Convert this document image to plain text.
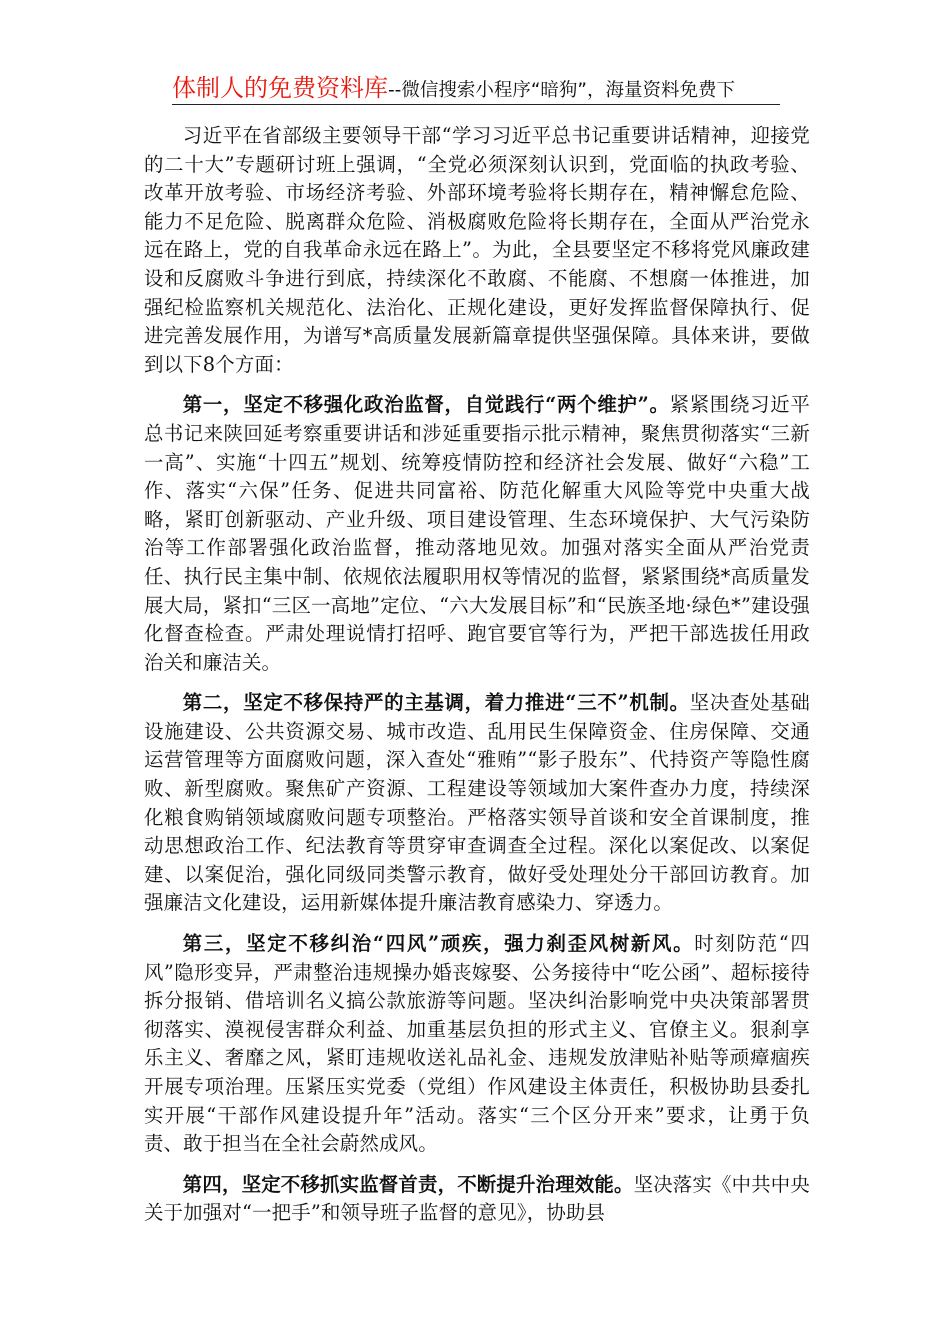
体制人的免费资料库--微信搜索小程序“暗狗”，海量资料免费下

习近平在省部级主要领导干部“学习习近平总书记重要讲话精神，迎接党的二十大”专题研讨班上强调，“全党必须深刻认识到，党面临的执政考验、改革开放考验、市场经济考验、外部环境考验将长期存在，精神懈怠危险、能力不足危险、脱离群众危险、消极腐败危险将长期存在，全面从严治党永远在路上，党的自我革命永远在路上”。为此，全县要坚定不移将党风廉政建设和反腐败斗争进行到底，持续深化不敢腐、不能腐、不想腐一体推进，加强纪检监察机关规范化、法治化、正规化建设，更好发挥监督保障执行、促进完善发展作用，为谱写*高质量发展新篇章提供坚强保障。具体来讲，要做到以下8个方面：

第一，坚定不移强化政治监督，自觉践行“两个维护”。紧紧围绕习近平总书记来陕回延考察重要讲话和涉延重要指示批示精神，聚焦贯彻落实“三新一高”、实施“十四五”规划、统筹疫情防控和经济社会发展、做好“六稳”工作、落实“六保”任务、促进共同富裕、防范化解重大风险等党中央重大战略，紧盯创新驱动、产业升级、项目建设管理、生态环境保护、大气污染防治等工作部署强化政治监督，推动落地见效。加强对落实全面从严治党责任、执行民主集中制、依规依法履职用权等情况的监督，紧紧围绕*高质量发展大局，紧扣“三区一高地”定位、“六大发展目标”和“民族圣地·绿色*”建设强化督查检查。严肃处理说情打招呼、跑官要官等行为，严把干部选拔任用政治关和廉洁关。

第二，坚定不移保持严的主基调，着力推进“三不”机制。坚决查处基础设施建设、公共资源交易、城市改造、乱用民生保障资金、住房保障、交通运营管理等方面腐败问题，深入查处“雅贿”“影子股东”、代持资产等隐性腐败、新型腐败。聚焦矿产资源、工程建设等领域加大案件查办力度，持续深化粮食购销领域腐败问题专项整治。严格落实领导首谈和安全首课制度，推动思想政治工作、纪法教育等贯穿审查调查全过程。深化以案促改、以案促建、以案促治，强化同级同类警示教育，做好受处理处分干部回访教育。加强廉洁文化建设，运用新媒体提升廉洁教育感染力、穿透力。

第三，坚定不移纠治“四风”顽疾，强力刹歪风树新风。时刻防范“四风”隐形变异，严肃整治违规操办婚丧嫁娶、公务接待中“吃公函”、超标接待拆分报销、借培训名义搞公款旅游等问题。坚决纠治影响党中央决策部署贯彻落实、漠视侵害群众利益、加重基层负担的形式主义、官僚主义。狠刹享乐主义、奢靡之风，紧盯违规收送礼品礼金、违规发放津贴补贴等顽瘴痼疾开展专项治理。压紧压实党委（党组）作风建设主体责任，积极协助县委扎实开展“干部作风建设提升年”活动。落实“三个区分开来”要求，让勇于负责、敢于担当在全社会蔚然成风。

第四，坚定不移抓实监督首责，不断提升治理效能。坚决落实《中共中央关于加强对“一把手”和领导班子监督的意见》，协助县
